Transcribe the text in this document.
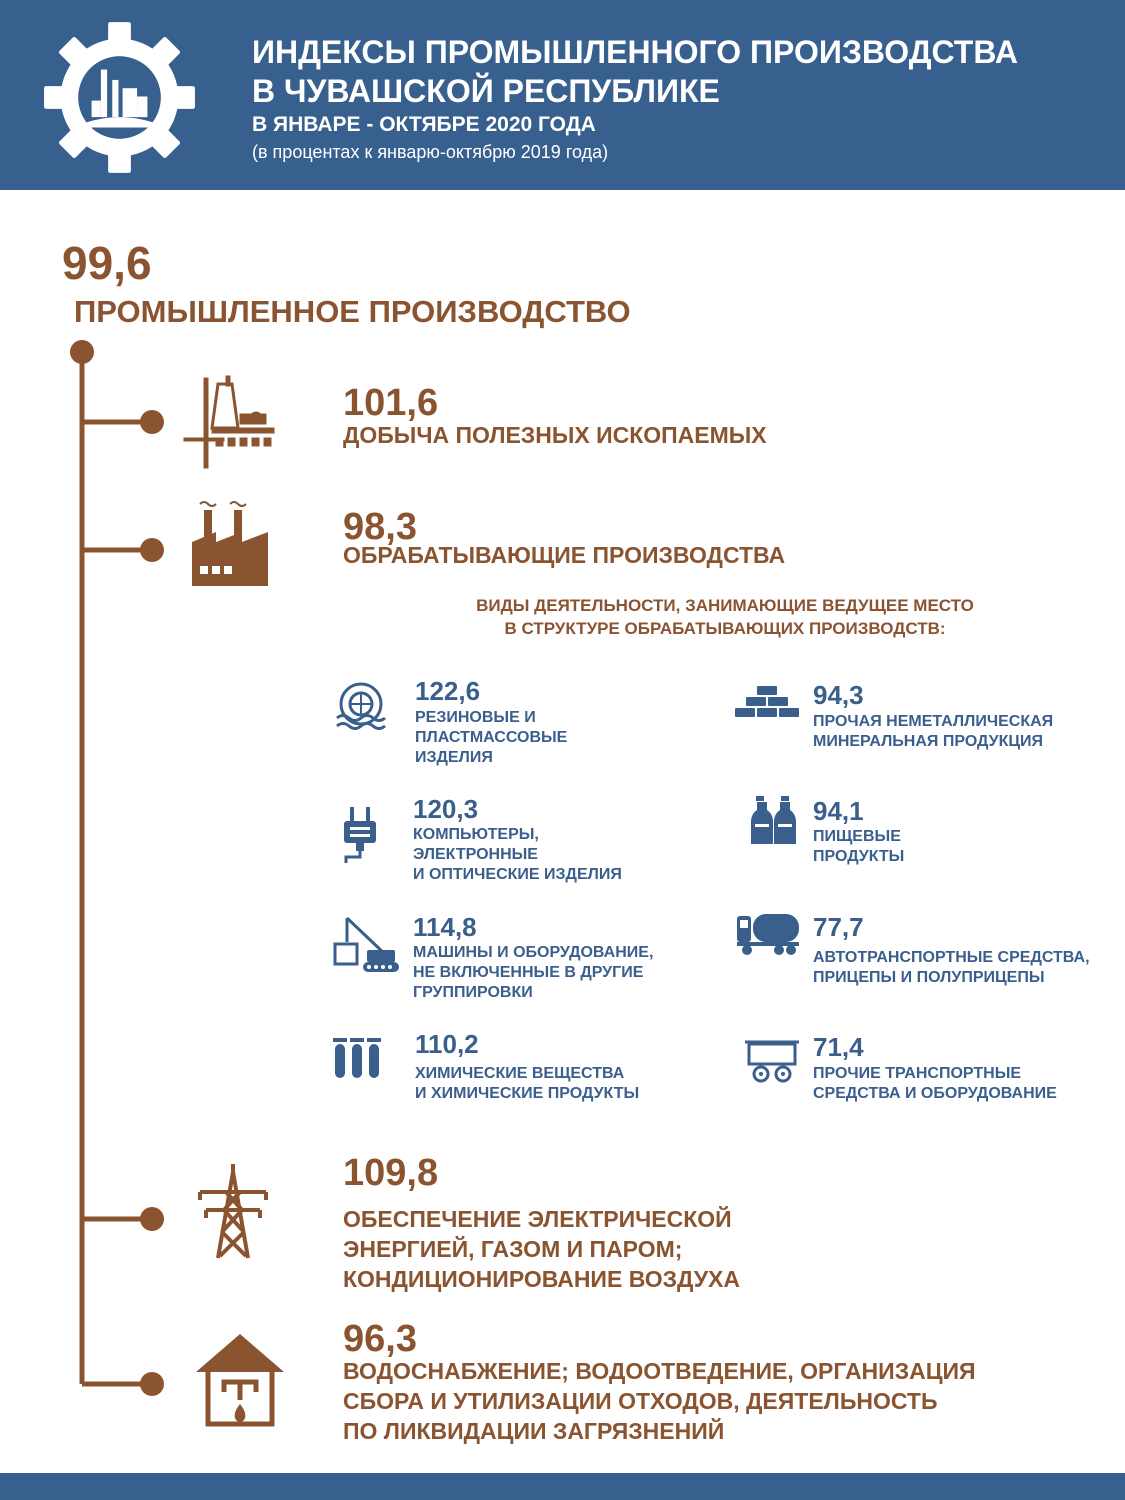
ИНДЕКСЫ ПРОМЫШЛЕННОГО ПРОИЗВОДСТВА
В ЧУВАШСКОЙ РЕСПУБЛИКЕ
В ЯНВАРЕ - ОКТЯБРЕ 2020 ГОДА
(в процентах к январю-октябрю 2019 года)
99,6
ПРОМЫШЛЕННОЕ ПРОИЗВОДСТВО
101,6
ДОБЫЧА ПОЛЕЗНЫХ ИСКОПАЕМЫХ
98,3
ОБРАБАТЫВАЮЩИЕ ПРОИЗВОДСТВА
ВИДЫ ДЕЯТЕЛЬНОСТИ, ЗАНИМАЮЩИЕ ВЕДУЩЕЕ МЕСТО
В СТРУКТУРЕ ОБРАБАТЫВАЮЩИХ ПРОИЗВОДСТВ:
122,6
РЕЗИНОВЫЕ И
ПЛАСТМАССОВЫЕ
ИЗДЕЛИЯ
94,3
ПРОЧАЯ НЕМЕТАЛЛИЧЕСКАЯ
МИНЕРАЛЬНАЯ ПРОДУКЦИЯ
120,3
КОМПЬЮТЕРЫ,
ЭЛЕКТРОННЫЕ
И ОПТИЧЕСКИЕ ИЗДЕЛИЯ
94,1
ПИЩЕВЫЕ
ПРОДУКТЫ
114,8
МАШИНЫ И ОБОРУДОВАНИЕ,
НЕ ВКЛЮЧЕННЫЕ В ДРУГИЕ
ГРУППИРОВКИ
77,7
АВТОТРАНСПОРТНЫЕ СРЕДСТВА,
ПРИЦЕПЫ И ПОЛУПРИЦЕПЫ
110,2
ХИМИЧЕСКИЕ ВЕЩЕСТВА
И ХИМИЧЕСКИЕ ПРОДУКТЫ
71,4
ПРОЧИЕ ТРАНСПОРТНЫЕ
СРЕДСТВА И ОБОРУДОВАНИЕ
109,8
ОБЕСПЕЧЕНИЕ ЭЛЕКТРИЧЕСКОЙ
ЭНЕРГИЕЙ, ГАЗОМ И ПАРОМ;
КОНДИЦИОНИРОВАНИЕ ВОЗДУХА
96,3
ВОДОСНАБЖЕНИЕ; ВОДООТВЕДЕНИЕ, ОРГАНИЗАЦИЯ
СБОРА И УТИЛИЗАЦИИ ОТХОДОВ, ДЕЯТЕЛЬНОСТЬ
ПО ЛИКВИДАЦИИ ЗАГРЯЗНЕНИЙ
